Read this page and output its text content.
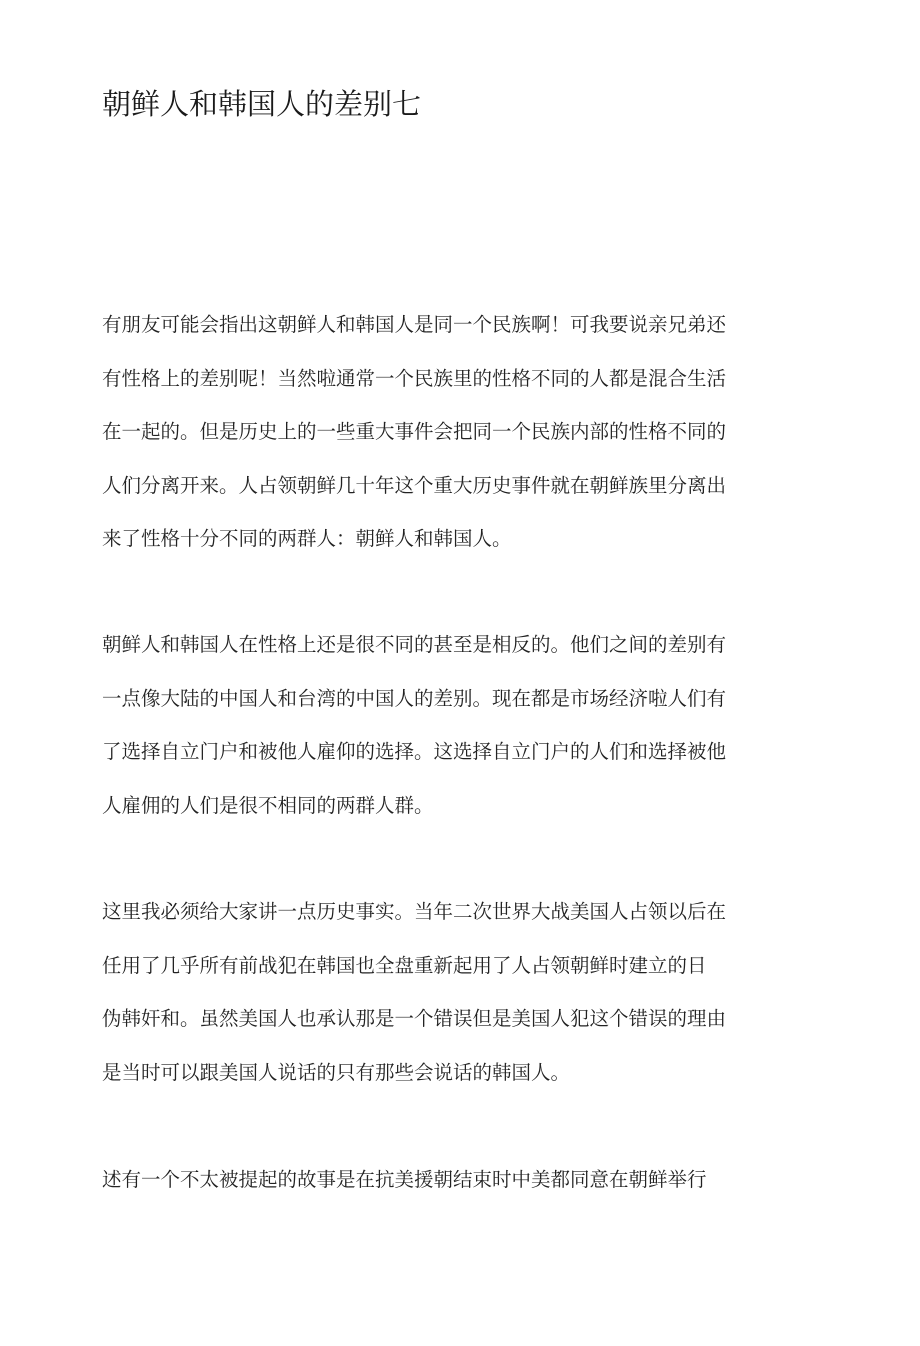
朝鲜人和韩国人的差别七
有朋友可能会指出这朝鲜人和韩国人是同一个民族啊！可我要说亲兄弟还
有性格上的差别呢！当然啦通常一个民族里的性格不同的人都是混合生活
在一起的。但是历史上的一些重大事件会把同一个民族内部的性格不同的
人们分离开来。人占领朝鲜几十年这个重大历史事件就在朝鲜族里分离出
来了性格十分不同的两群人：朝鲜人和韩国人。
朝鲜人和韩国人在性格上还是很不同的甚至是相反的。他们之间的差别有
一点像大陆的中国人和台湾的中国人的差别。现在都是市场经济啦人们有
了选择自立门户和被他人雇仰的选择。这选择自立门户的人们和选择被他
人雇佣的人们是很不相同的两群人群。
这里我必须给大家讲一点历史事实。当年二次世界大战美国人占领以后在
任用了几乎所有前战犯在韩国也全盘重新起用了人占领朝鲜时建立的日
伪韩奸和。虽然美国人也承认那是一个错误但是美国人犯这个错误的理由
是当时可以跟美国人说话的只有那些会说话的韩国人。
述有一个不太被提起的故事是在抗美援朝结束时中美都同意在朝鲜举行
